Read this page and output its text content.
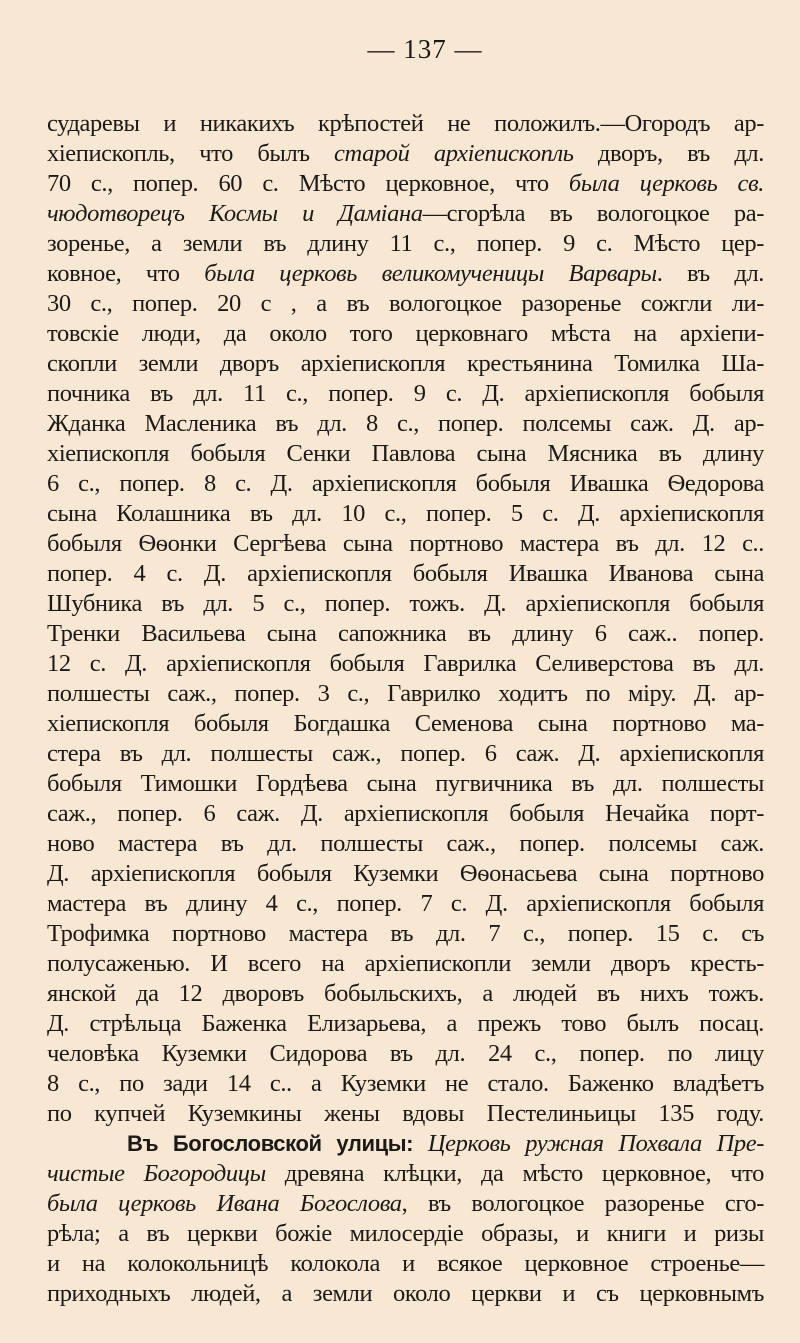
— 137 —
сударевы и никакихъ крѣпостей не положилъ.—Огородъ ар-
хіепископль, что былъ старой архіепископль дворъ, въ дл.
70 с., попер. 60 с. Мѣсто церковное, что была церковь св.
чюдотворецъ Космы и Даміана—сгорѣла въ вологоцкое ра-
зоренье, а земли въ длину 11 с., попер. 9 с. Мѣсто цер-
ковное, что была церковь великомученицы Варвары. въ дл.
30 с., попер. 20 с , а въ вологоцкое разоренье сожгли ли-
товскіе люди, да около того церковнаго мѣста на архіепи-
скопли земли дворъ архіепископля крестьянина Томилка Ша-
почника въ дл. 11 с., попер. 9 с. Д. архіепископля бобыля
Жданка Масленика въ дл. 8 с., попер. полсемы саж. Д. ар-
хіепископля бобыля Сенки Павлова сына Мясника въ длину
6 с., попер. 8 с. Д. архіепископля бобыля Ивашка Ѳедорова
сына Колашника въ дл. 10 с., попер. 5 с. Д. архіепископля
бобыля Ѳѳонки Сергѣева сына портново мастера въ дл. 12 с..
попер. 4 с. Д. архіепископля бобыля Ивашка Иванова сына
Шубника въ дл. 5 с., попер. тожъ. Д. архіепископля бобыля
Тренки Васильева сына сапожника въ длину 6 саж.. попер.
12 с. Д. архіепископля бобыля Гаврилка Селиверстова въ дл.
полшесты саж., попер. 3 с., Гаврилко ходитъ по міру. Д. ар-
хіепископля бобыля Богдашка Семенова сына портново ма-
стера въ дл. полшесты саж., попер. 6 саж. Д. архіепископля
бобыля Тимошки Гордѣева сына пугвичника въ дл. полшесты
саж., попер. 6 саж. Д. архіепископля бобыля Нечайка порт-
ново мастера въ дл. полшесты саж., попер. полсемы саж.
Д. архіепископля бобыля Куземки Ѳѳонасьева сына портново
мастера въ длину 4 с., попер. 7 с. Д. архіепископля бобыля
Трофимка портново мастера въ дл. 7 с., попер. 15 с. съ
полусаженью. И всего на архіепископли земли дворъ кресть-
янской да 12 дворовъ бобыльскихъ, а людей въ нихъ тожъ.
Д. стрѣльца Баженка Елизарьева, а прежъ тово былъ посац.
человѣка Куземки Сидорова въ дл. 24 с., попер. по лицу
8 с., по зади 14 с.. а Куземки не стало. Баженко владѣетъ
по купчей Куземкины жены вдовы Пестелиньицы 135 году.
Въ Богословской улицы: Церковь ружная Похвала Пре-
чистые Богородицы древяна клѣцки, да мѣсто церковное, что
была церковь Ивана Богослова, въ вологоцкое разоренье сго-
рѣла; а въ церкви божіе милосердіе образы, и книги и ризы
и на колокольницѣ колокола и всякое церковное строенье—
приходныхъ людей, а земли около церкви и съ церковнымъ
